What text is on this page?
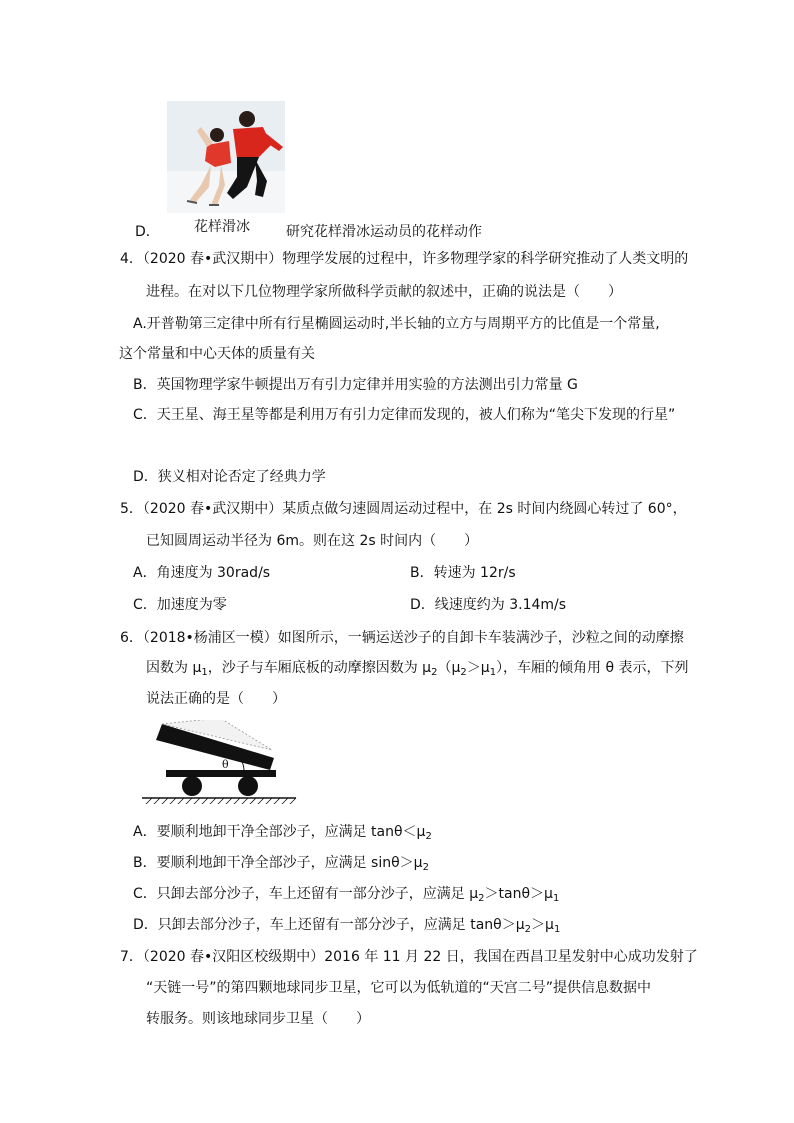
D． 花样滑冰	研究花样滑冰运动员的花样动作
4．（2020 春•武汉期中）物理学发展的过程中，许多物理学家的科学研究推动了人类文明的
进程。在对以下几位物理学家所做科学贡献的叙述中，正确的说法是（　　）
A.开普勒第三定律中所有行星椭圆运动时,半长轴的立方与周期平方的比值是一个常量,
这个常量和中心天体的质量有关
B．英国物理学家牛顿提出万有引力定律并用实验的方法测出引力常量 G
C．天王星、海王星等都是利用万有引力定律而发现的，被人们称为“笔尖下发现的行星”
D．狭义相对论否定了经典力学
5．（2020 春•武汉期中）某质点做匀速圆周运动过程中，在 2s 时间内绕圆心转过了 60°，
已知圆周运动半径为 6m。则在这 2s 时间内（　　）
A．角速度为 30rad/s	B．转速为 12r/s
C．加速度为零	D．线速度约为 3.14m/s
6．（2018•杨浦区一模）如图所示，一辆运送沙子的自卸卡车装满沙子，沙粒之间的动摩擦
因数为 $\mu_1$，沙子与车厢底板的动摩擦因数为 $\mu_2(\mu_2>\mu_1)$，车厢的倾角用 θ 表示，下列
说法正确的是（　　）
θ
A．要顺利地卸干净全部沙子，应满足 $\tan\theta<\mu_2$
B．要顺利地卸干净全部沙子，应满足 $\sin\theta>\mu_2$
C．只卸去部分沙子，车上还留有一部分沙子，应满足 $\mu_2>\tan\theta>\mu_1$
D．只卸去部分沙子，车上还留有一部分沙子，应满足 $\tan\theta>\mu_2>\mu_1$
7．（2020 春•汉阳区校级期中）2016 年 11 月 22 日，我国在西昌卫星发射中心成功发射了
“天链一号”的第四颗地球同步卫星，它可以为低轨道的“天宫二号”提供信息数据中
转服务。则该地球同步卫星（　　）
